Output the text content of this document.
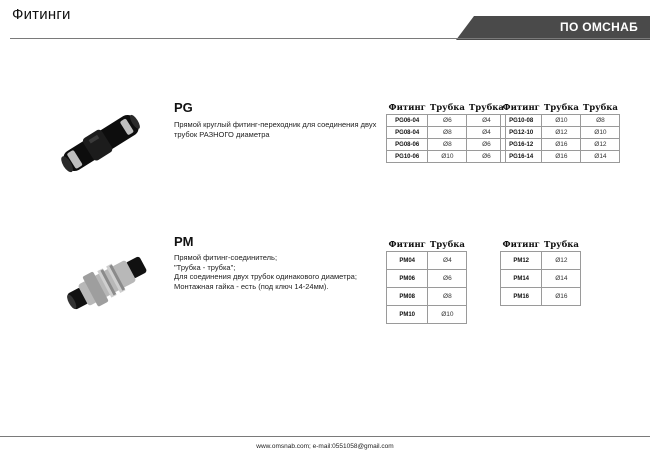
Фитинги
ПО ОМСНАБ
PG
Прямой круглый фитинг-переходник для соединения двух
трубок РАЗНОГО диаметра
Фитинг	Трубка	Трубка
PG06-04	Ø6	Ø4
PG08-04	Ø8	Ø4
PG08-06	Ø8	Ø6
PG10-06	Ø10	Ø6
Фитинг	Трубка	Трубка
PG10-08	Ø10	Ø8
PG12-10	Ø12	Ø10
PG16-12	Ø16	Ø12
PG16-14	Ø16	Ø14
PM
Прямой фитинг-соединитель;
"Трубка - трубка";
Для соединения двух трубок одинакового диаметра;
Монтажная гайка - есть (под ключ 14-24мм).
Фитинг	Трубка
PM04	Ø4
PM06	Ø6
PM08	Ø8
PM10	Ø10
Фитинг	Трубка
PM12	Ø12
PM14	Ø14
PM16	Ø16
www.omsnab.com; e-mail:0551058@gmail.com
